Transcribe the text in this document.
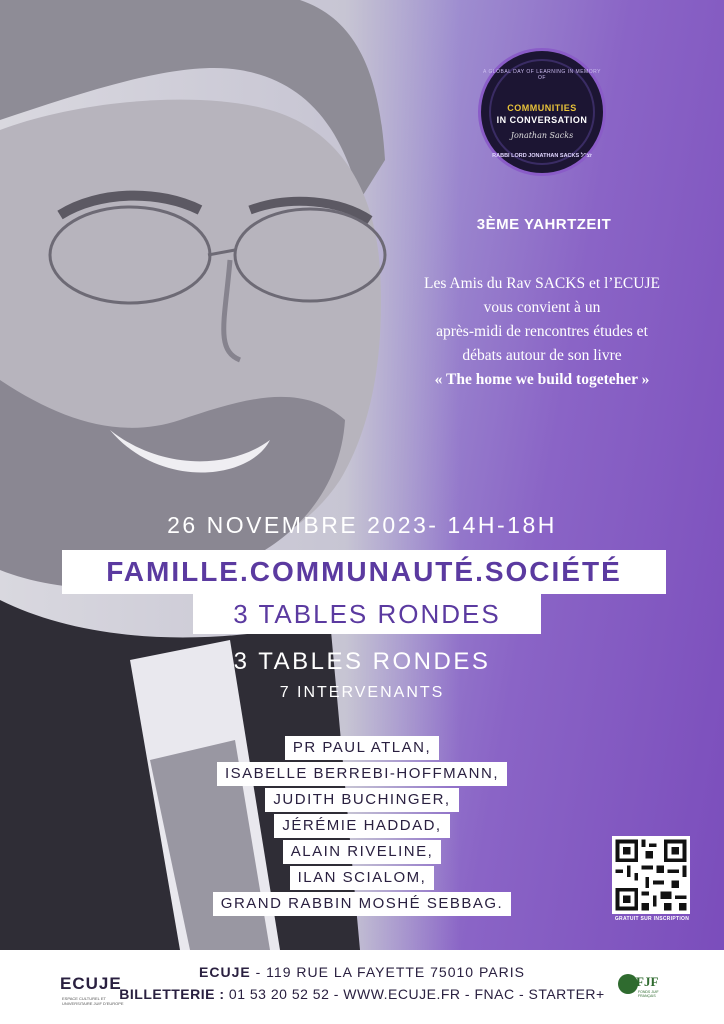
A GLOBAL DAY OF LEARNING IN MEMORY OF
COMMUNITIES
IN CONVERSATION
Jonathan Sacks
RABBI LORD JONATHAN SACKS זצ"ל
3ÈME YAHRTZEIT
Les Amis du Rav SACKS et l’ECUJE
vous convient à un
après-midi de rencontres études et
débats autour de son livre
« The home we build togeteher »
26 NOVEMBRE 2023- 14H-18H
FAMILLE.COMMUNAUTÉ.SOCIÉTÉ
3 TABLES RONDES
3 TABLES RONDES
7 INTERVENANTS
PR PAUL ATLAN,
ISABELLE BERREBI-HOFFMANN,
JUDITH BUCHINGER,
JÉRÉMIE HADDAD,
ALAIN RIVELINE,
ILAN SCIALOM,
GRAND RABBIN MOSHÉ SEBBAG.
GRATUIT SUR INSCRIPTION
ECUJE
ESPACE CULTUREL ET UNIVERSITAIRE JUIF D'EUROPE
ECUJE - 119 RUE LA FAYETTE 75010 PARIS
BILLETTERIE : 01 53 20 52 52 - WWW.ECUJE.FR - FNAC - STARTER+
FJF
FONDS JUIF FRANÇAIS
